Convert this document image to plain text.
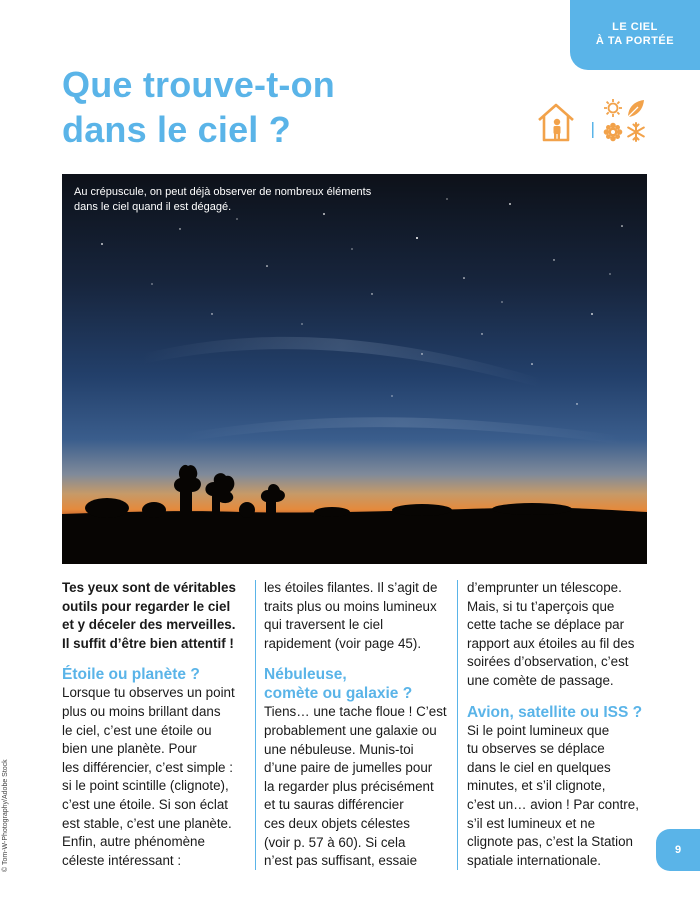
LE CIEL
À TA PORTÉE
Que trouve-t-on
dans le ciel ?
Au crépuscule, on peut déjà observer de nombreux éléments dans le ciel quand il est dégagé.

Tes yeux sont de véritables
outils pour regarder le ciel
et y déceler des merveilles.
Il suffit d’être bien attentif !

Étoile ou planète ?

Lorsque tu observes un point
plus ou moins brillant dans
le ciel, c’est une étoile ou
bien une planète. Pour
les différencier, c’est simple :
si le point scintille (clignote),
c’est une étoile. Si son éclat
est stable, c’est une planète.
Enfin, autre phénomène
céleste intéressant :

les étoiles filantes. Il s’agit de
traits plus ou moins lumineux
qui traversent le ciel
rapidement (voir page 45).

Nébuleuse,
comète ou galaxie ?

Tiens… une tache floue ! C’est
probablement une galaxie ou
une nébuleuse. Munis-toi
d’une paire de jumelles pour
la regarder plus précisément
et tu sauras différencier
ces deux objets célestes
(voir p. 57 à 60). Si cela
n’est pas suffisant, essaie

d’emprunter un télescope.
Mais, si tu t’aperçois que
cette tache se déplace par
rapport aux étoiles au fil des
soirées d’observation, c’est
une comète de passage.

Avion, satellite ou ISS ?

Si le point lumineux que
tu observes se déplace
dans le ciel en quelques
minutes, et s’il clignote,
c’est un… avion ! Par contre,
s’il est lumineux et ne
clignote pas, c’est la Station
spatiale internationale.

9
© Tom-W-Photography/Adobe Stock
